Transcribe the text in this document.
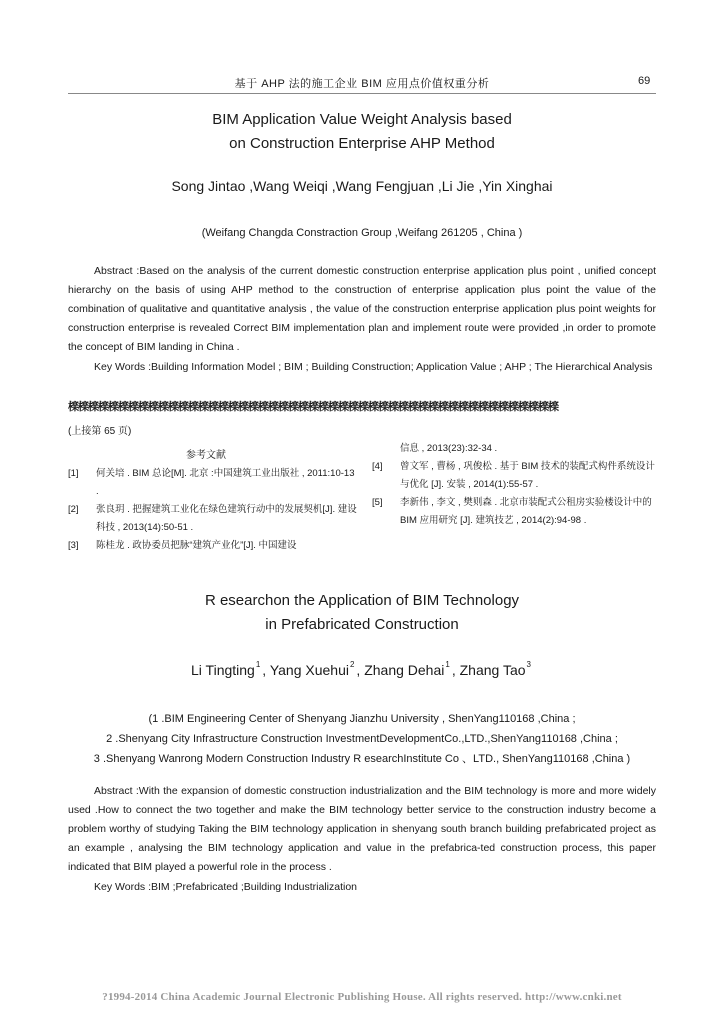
基于 AHP 法的施工企业 BIM 应用点价值权重分析	69
BIM Application Value Weight Analysis based
on Construction Enterprise AHP Method
Song Jintao ,Wang Weiqi ,Wang Fengjuan ,Li Jie ,Yin Xinghai
(Weifang Changda Constraction Group ,Weifang 261205 , China )
Abstract :Based on the analysis of the current domestic construction enterprise application plus point , unified concept hierarchy on the basis of using AHP method to the construction of enterprise application plus point the value of the combination of qualitative and quantitative analysis , the value of the construction enterprise application plus point weights for construction enterprise is revealed Correct BIM implementation plan and implement route were provided ,in order to promote the concept of BIM landing in China .
Key Words :Building Information Model ; BIM ; Building Construction; Application Value ; AHP ; The Hierarchical Analysis
檪檪檪檪檪檪檪檪檪檪檪檪檪檪檪檪檪檪檪檪檪檪檪檪檪檪檪檪檪檪檪檪檪檪檪檪檪檪檪檪檪檪檪檪檪檪檪檪檪
(上接第 65 页)
参考文献
[1] 何关培 . BIM 总论[M]. 北京 :中国建筑工业出版社 , 2011:10-13 .
[2] 张良玥 . 把握建筑工业化在绿色建筑行动中的发展契机[J]. 建设科技 , 2013(14):50-51 .
[3] 陈桂龙 . 政协委员把脉“建筑产业化”[J]. 中国建设
信息 , 2013(23):32-34 .
[4] 曾文军 , 曹杨 , 巩俊松 . 基于 BIM 技术的装配式构件系统设计与优化 [J]. 安装 , 2014(1):55-57 .
[5] 李新伟 , 李文 , 樊则森 . 北京市装配式公租房实验楼设计中的 BIM 应用研究 [J]. 建筑技艺 , 2014(2):94-98 .
R esearchon the Application of BIM Technology
in Prefabricated Construction
Li Tingting$^1$ , Yang Xuehui$^2$ , Zhang Dehai$^1$ , Zhang Tao$^3$
(1 .BIM Engineering Center of Shenyang Jianzhu University , ShenYang110168 ,China ;
2 .Shenyang City Infrastructure Construction InvestmentDevelopmentCo.,LTD.,ShenYang110168 ,China ;
3 .Shenyang Wanrong Modern Construction Industry R esearchInstitute Co 、LTD., ShenYang110168 ,China )
Abstract :With the expansion of domestic construction industrialization and the BIM technology is more and more widely used .How to connect the two together and make the BIM technology better service to the construction industry become a problem worthy of studying Taking the BIM technology application in shenyang south branch building prefabricated project as an example , analysing the BIM technology application and value in the prefabrica-ted construction process, this paper indicated that BIM played a powerful role in the process .
Key Words :BIM ;Prefabricated ;Building Industrialization
?1994-2014 China Academic Journal Electronic Publishing House. All rights reserved. http://www.cnki.net
